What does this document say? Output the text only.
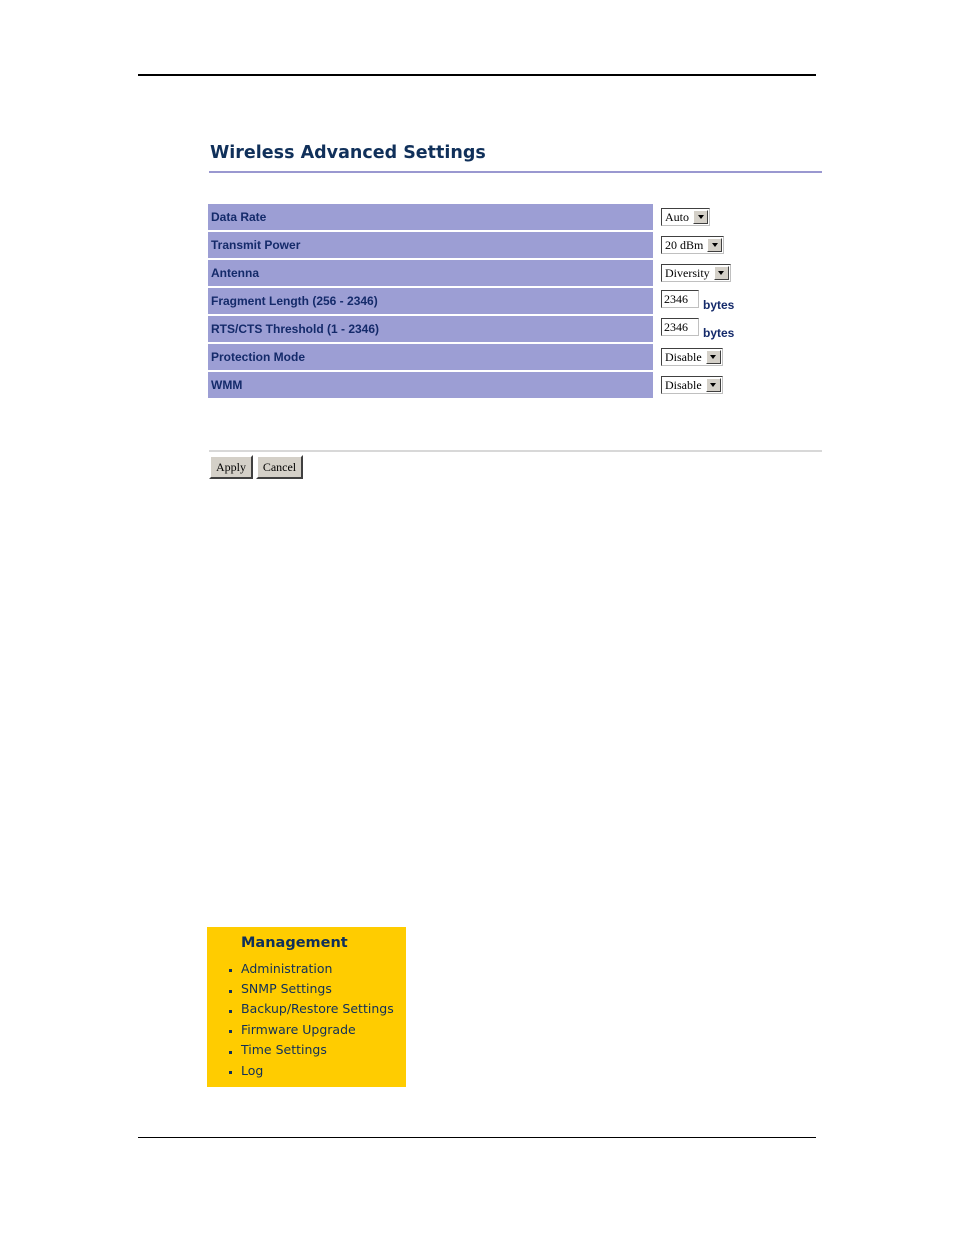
Wireless Advanced Settings
Data Rate	Auto	

Transmit Power	20 dBm	

Antenna	Diversity	

Fragment Length (256 - 2346)	2346 bytes	
RTS/CTS Threshold (1 - 2346)	2346 bytes	
Protection Mode	Disable	

WMM	Disable	

Apply	Cancel
Management
Administration
SNMP Settings
Backup/Restore Settings
Firmware Upgrade
Time Settings
Log
